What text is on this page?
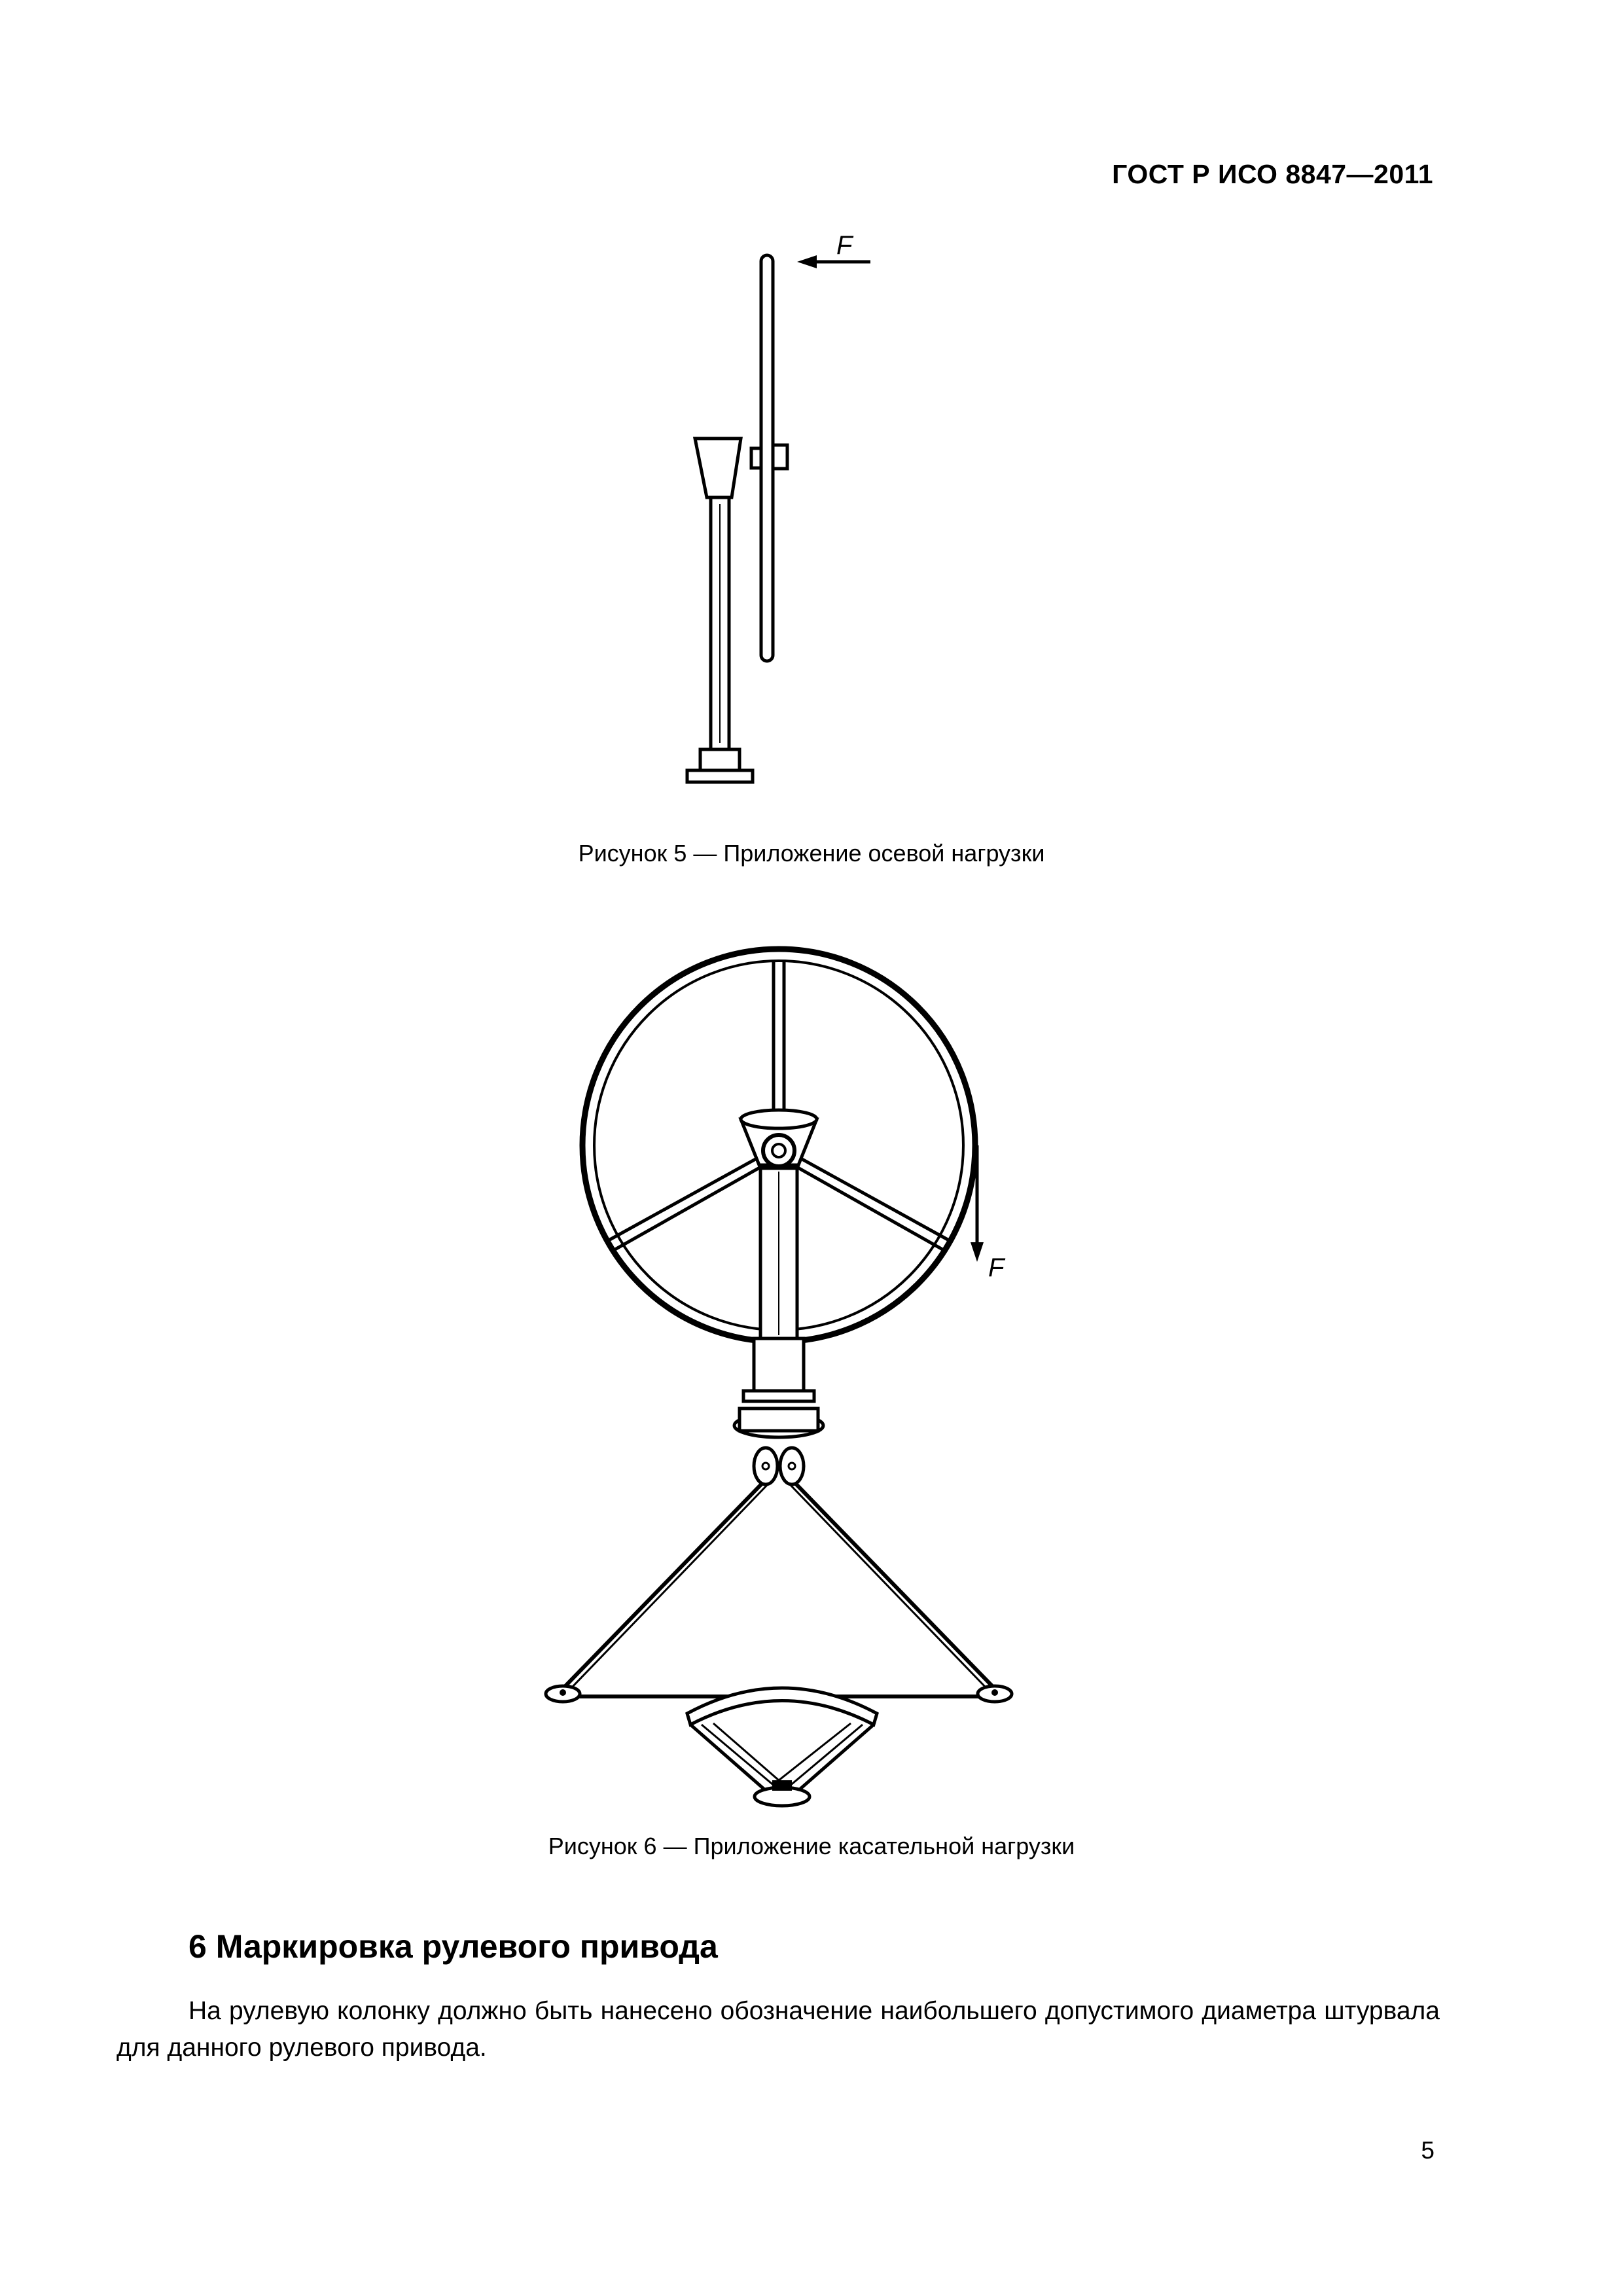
ГОСТ Р ИСО 8847—2011
F
Рисунок 5 — Приложение осевой нагрузки
F
Рисунок 6 — Приложение касательной нагрузки
6 Маркировка рулевого привода
На рулевую колонку должно быть нанесено обозначение наибольшего допустимого диаметра штурвала для данного рулевого привода.
5
